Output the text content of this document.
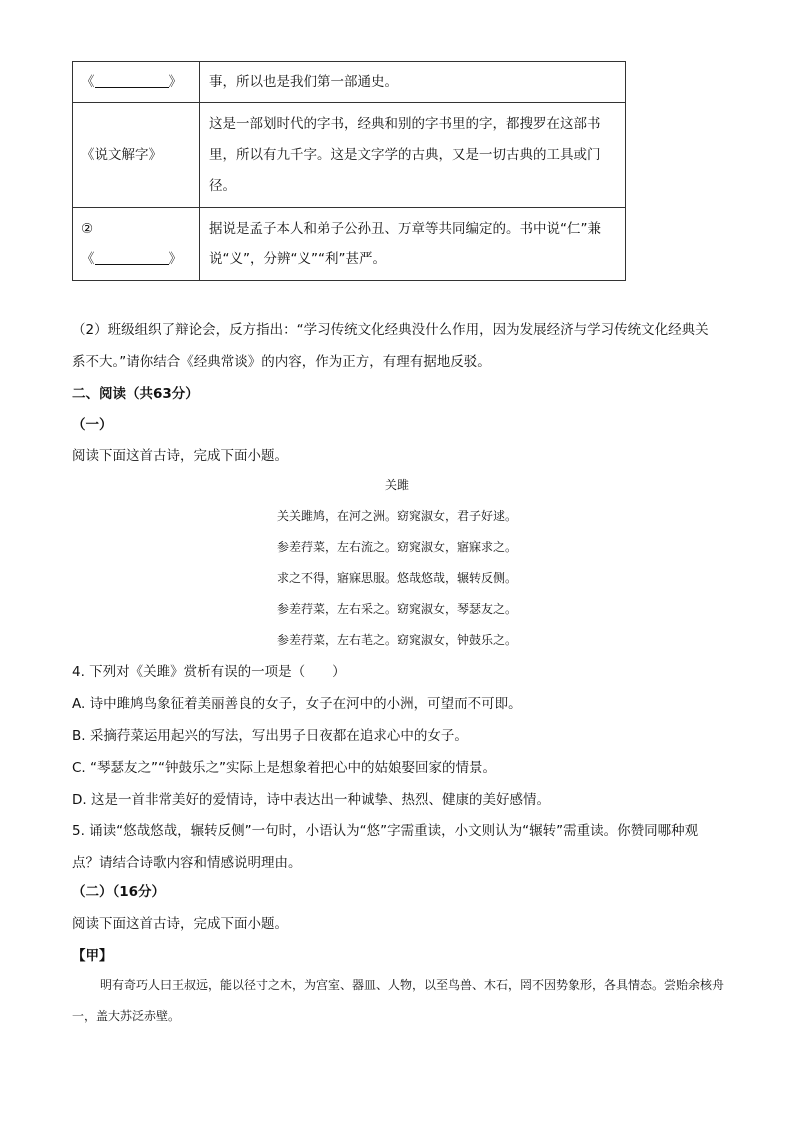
《 》	事，所以也是我们第一部通史。
《说文解字》	这是一部划时代的字书，经典和别的字书里的字，都搜罗在这部书里，所以有九千字。这是文字学的古典，又是一切古典的工具或门径。

②
《 》	据说是孟子本人和弟子公孙丑、万章等共同编定的。书中说“仁”兼说“义”，分辨“义”“利”甚严。
（2）班级组织了辩论会，反方指出：“学习传统文化经典没什么作用，因为发展经济与学习传统文化经典关系不大。”请你结合《经典常谈》的内容，作为正方，有理有据地反驳。
二、阅读（共63分）
（一）
阅读下面这首古诗，完成下面小题。
关雎
关关雎鸠，在河之洲。窈窕淑女，君子好逑。
参差荇菜，左右流之。窈窕淑女，寤寐求之。
求之不得，寤寐思服。悠哉悠哉，辗转反侧。
参差荇菜，左右采之。窈窕淑女，琴瑟友之。
参差荇菜，左右芼之。窈窕淑女，钟鼓乐之。
4. 下列对《关雎》赏析有误的一项是（　　）
A. 诗中雎鸠鸟象征着美丽善良的女子，女子在河中的小洲，可望而不可即。
B. 采摘荇菜运用起兴的写法，写出男子日夜都在追求心中的女子。
C. “琴瑟友之”“钟鼓乐之”实际上是想象着把心中的姑娘娶回家的情景。
D. 这是一首非常美好的爱情诗，诗中表达出一种诚挚、热烈、健康的美好感情。
5. 诵读“悠哉悠哉，辗转反侧”一句时，小语认为“悠”字需重读，小文则认为“辗转”需重读。你赞同哪种观点？请结合诗歌内容和情感说明理由。
（二）（16分）
阅读下面这首古诗，完成下面小题。
【甲】
明有奇巧人曰王叔远，能以径寸之木，为宫室、器皿、人物，以至鸟兽、木石，罔不因势象形，各具情态。尝贻余核舟一，盖大苏泛赤壁。
